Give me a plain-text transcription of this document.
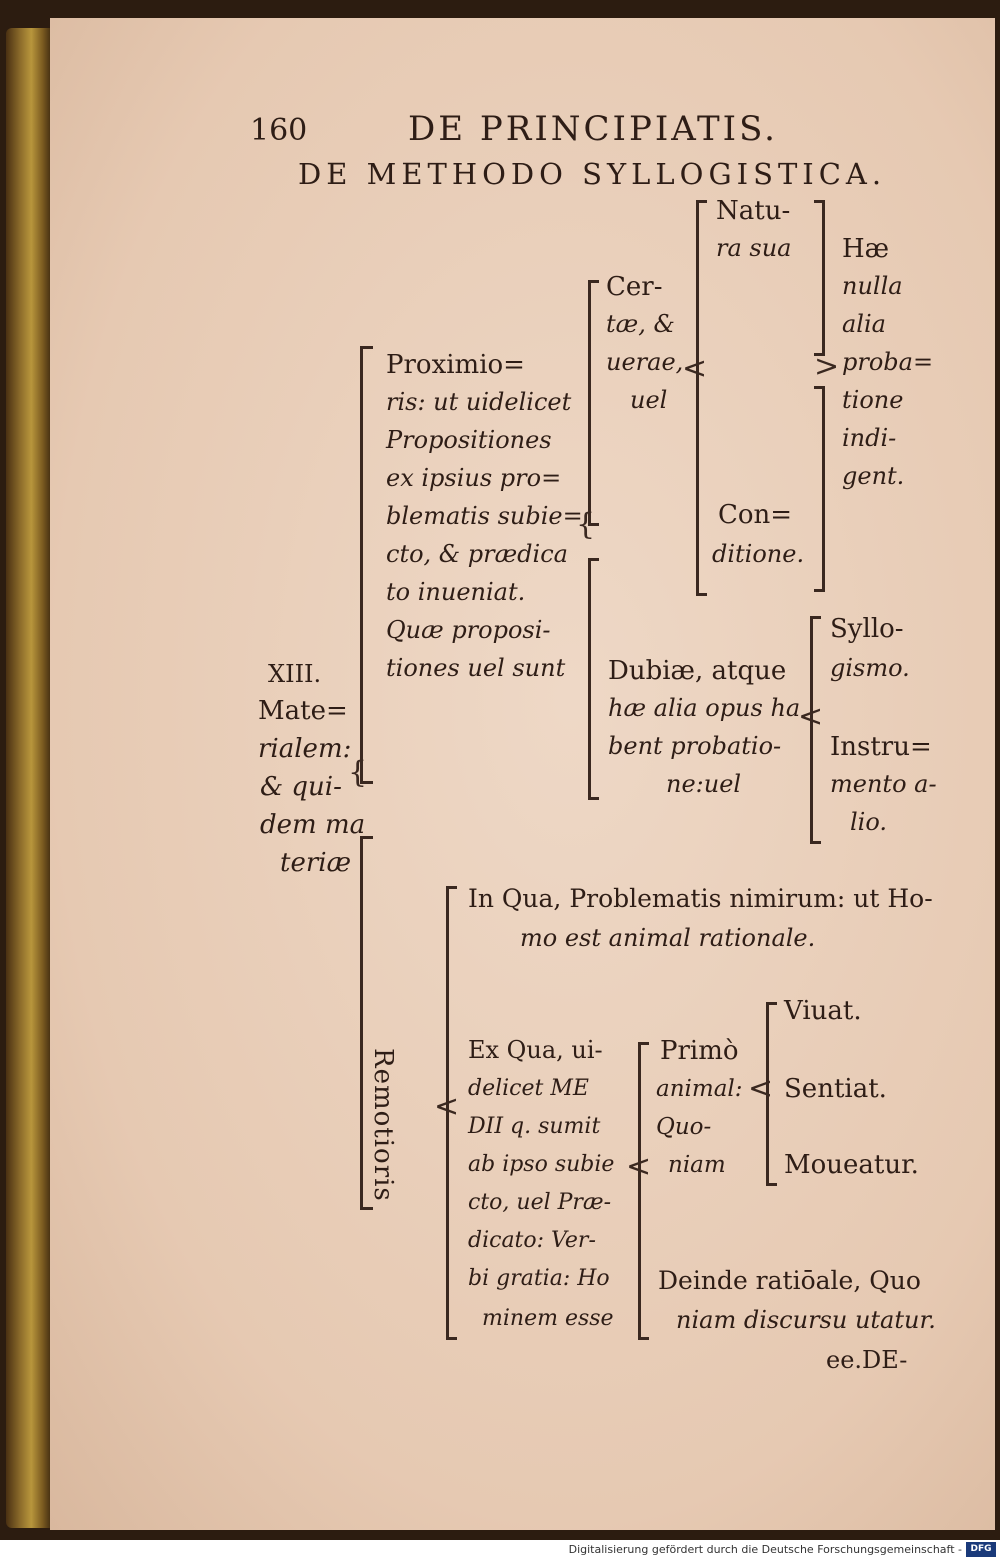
160	DE PRINCIPIATIS.
DE METHODO SYLLOGISTICA.
XIII.
Mate=
rialem:
& qui-
dem ma
teriæ
{
Proximio=
ris: ut uidelicet
Propositiones
ex ipsius pro=
blematis subie=
cto, & prædica
to inueniat.
Quæ proposi-
tiones uel sunt
{
Cer-
tæ, &
uerae,
uel
<
Natu-
ra sua
Con=
ditione.
>
Hæ
nulla
alia
proba=
tione
indi-
gent.
Dubiæ, atque
hæ alia opus ha
bent probatio-
ne:uel
<
Syllo-
gismo.
Instru=
mento a-
lio.
Remotioris <
In Qua, Problematis nimirum: ut Ho-
mo est animal rationale.
Ex Qua, ui-
delicet ME
DII q. sumit
ab ipso subie
cto, uel Præ-
dicato: Ver-
bi gratia: Ho
minem esse
<
Primò
animal:
Quo-
niam
<
Viuat.
Sentiat.
Moueatur.
Deinde ratiōale, Quo
niam discursu utatur.
ee.DE-
Digitalisierung gefördert durch die Deutsche Forschungsgemeinschaft - DFG
